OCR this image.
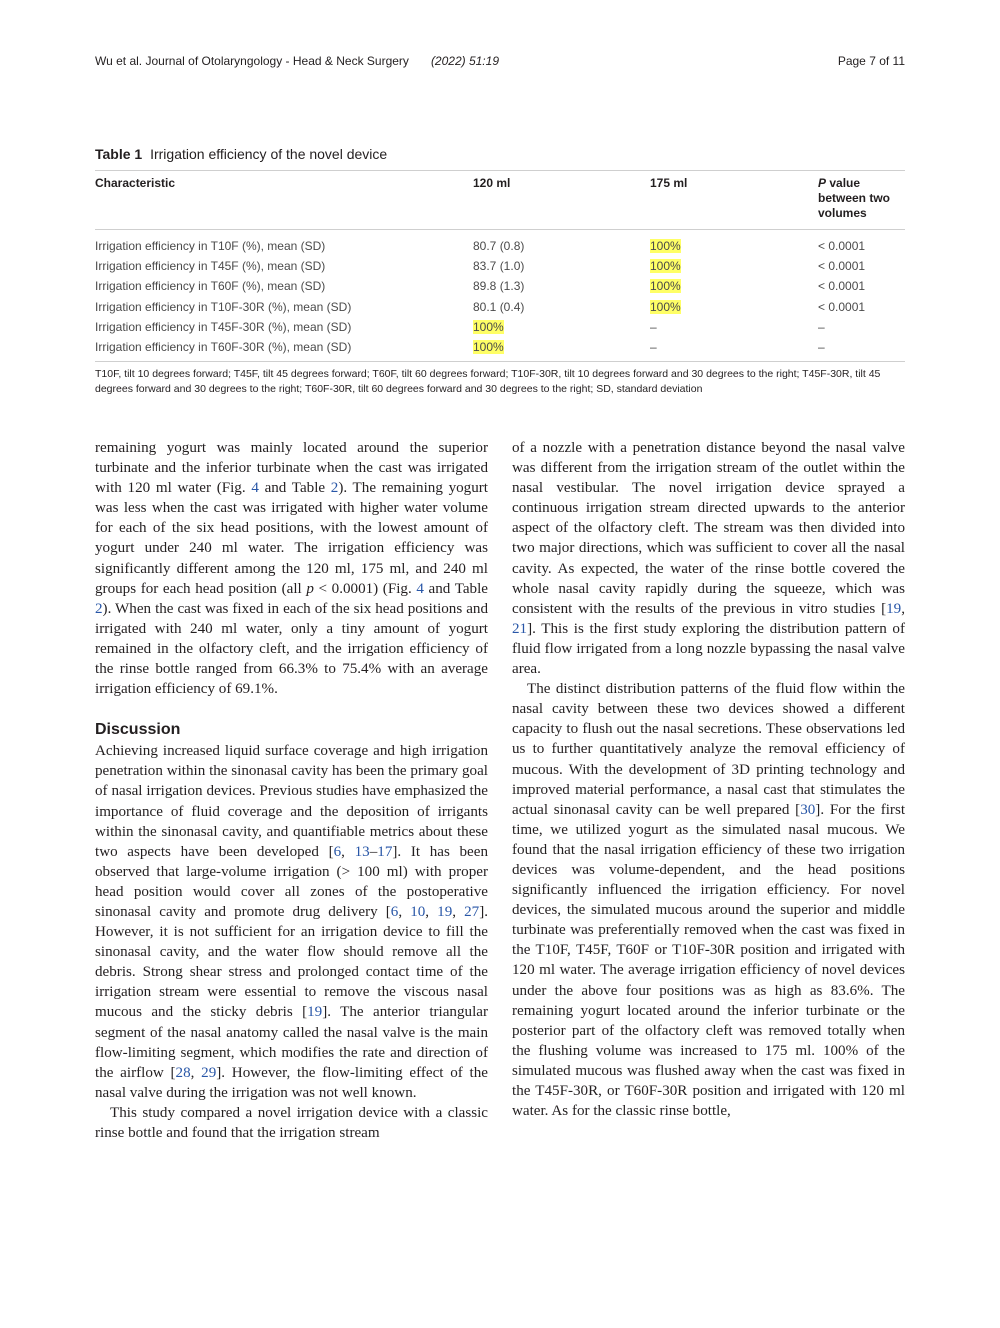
Wu et al. Journal of Otolaryngology - Head & Neck Surgery (2022) 51:19	Page 7 of 11
Table 1 Irrigation efficiency of the novel device
Characteristic	120 ml	175 ml	P value between two volumes
Irrigation efficiency in T10F (%), mean (SD)	80.7 (0.8)	100%	< 0.0001
Irrigation efficiency in T45F (%), mean (SD)	83.7 (1.0)	100%	< 0.0001
Irrigation efficiency in T60F (%), mean (SD)	89.8 (1.3)	100%	< 0.0001
Irrigation efficiency in T10F-30R (%), mean (SD)	80.1 (0.4)	100%	< 0.0001
Irrigation efficiency in T45F-30R (%), mean (SD)	100%	–	–
Irrigation efficiency in T60F-30R (%), mean (SD)	100%	–	–
T10F, tilt 10 degrees forward; T45F, tilt 45 degrees forward; T60F, tilt 60 degrees forward; T10F-30R, tilt 10 degrees forward and 30 degrees to the right; T45F-30R, tilt 45 degrees forward and 30 degrees to the right; T60F-30R, tilt 60 degrees forward and 30 degrees to the right; SD, standard deviation

remaining yogurt was mainly located around the superior turbinate and the inferior turbinate when the cast was irrigated with 120 ml water (Fig. 4 and Table 2). The remaining yogurt was less when the cast was irrigated with higher water volume for each of the six head positions, with the lowest amount of yogurt under 240 ml water. The irrigation efficiency was significantly different among the 120 ml, 175 ml, and 240 ml groups for each head position (all p < 0.0001) (Fig. 4 and Table 2). When the cast was fixed in each of the six head positions and irrigated with 240 ml water, only a tiny amount of yogurt remained in the olfactory cleft, and the irrigation efficiency of the rinse bottle ranged from 66.3% to 75.4% with an average irrigation efficiency of 69.1%.

Discussion

Achieving increased liquid surface coverage and high irrigation penetration within the sinonasal cavity has been the primary goal of nasal irrigation devices. Previous studies have emphasized the importance of fluid coverage and the deposition of irrigants within the sinonasal cavity, and quantifiable metrics about these two aspects have been developed [6, 13–17]. It has been observed that large-volume irrigation (> 100 ml) with proper head position would cover all zones of the postoperative sinonasal cavity and promote drug delivery [6, 10, 19, 27]. However, it is not sufficient for an irrigation device to fill the sinonasal cavity, and the water flow should remove all the debris. Strong shear stress and prolonged contact time of the irrigation stream were essential to remove the viscous nasal mucous and the sticky debris [19]. The anterior triangular segment of the nasal anatomy called the nasal valve is the main flow-limiting segment, which modifies the rate and direction of the airflow [28, 29]. However, the flow-limiting effect of the nasal valve during the irrigation was not well known.

This study compared a novel irrigation device with a classic rinse bottle and found that the irrigation stream

of a nozzle with a penetration distance beyond the nasal valve was different from the irrigation stream of the outlet within the nasal vestibular. The novel irrigation device sprayed a continuous irrigation stream directed upwards to the anterior aspect of the olfactory cleft. The stream was then divided into two major directions, which was sufficient to cover all the nasal cavity. As expected, the water of the rinse bottle covered the whole nasal cavity rapidly during the squeeze, which was consistent with the results of the previous in vitro studies [19, 21]. This is the first study exploring the distribution pattern of fluid flow irrigated from a long nozzle bypassing the nasal valve area.

The distinct distribution patterns of the fluid flow within the nasal cavity between these two devices showed a different capacity to flush out the nasal secretions. These observations led us to further quantitatively analyze the removal efficiency of mucous. With the development of 3D printing technology and improved material performance, a nasal cast that stimulates the actual sinonasal cavity can be well prepared [30]. For the first time, we utilized yogurt as the simulated nasal mucous. We found that the nasal irrigation efficiency of these two irrigation devices was volume-dependent, and the head positions significantly influenced the irrigation efficiency. For novel devices, the simulated mucous around the superior and middle turbinate was preferentially removed when the cast was fixed in the T10F, T45F, T60F or T10F-30R position and irrigated with 120 ml water. The average irrigation efficiency of novel devices under the above four positions was as high as 83.6%. The remaining yogurt located around the inferior turbinate or the posterior part of the olfactory cleft was removed totally when the flushing volume was increased to 175 ml. 100% of the simulated mucous was flushed away when the cast was fixed in the T45F-30R, or T60F-30R position and irrigated with 120 ml water. As for the classic rinse bottle,
